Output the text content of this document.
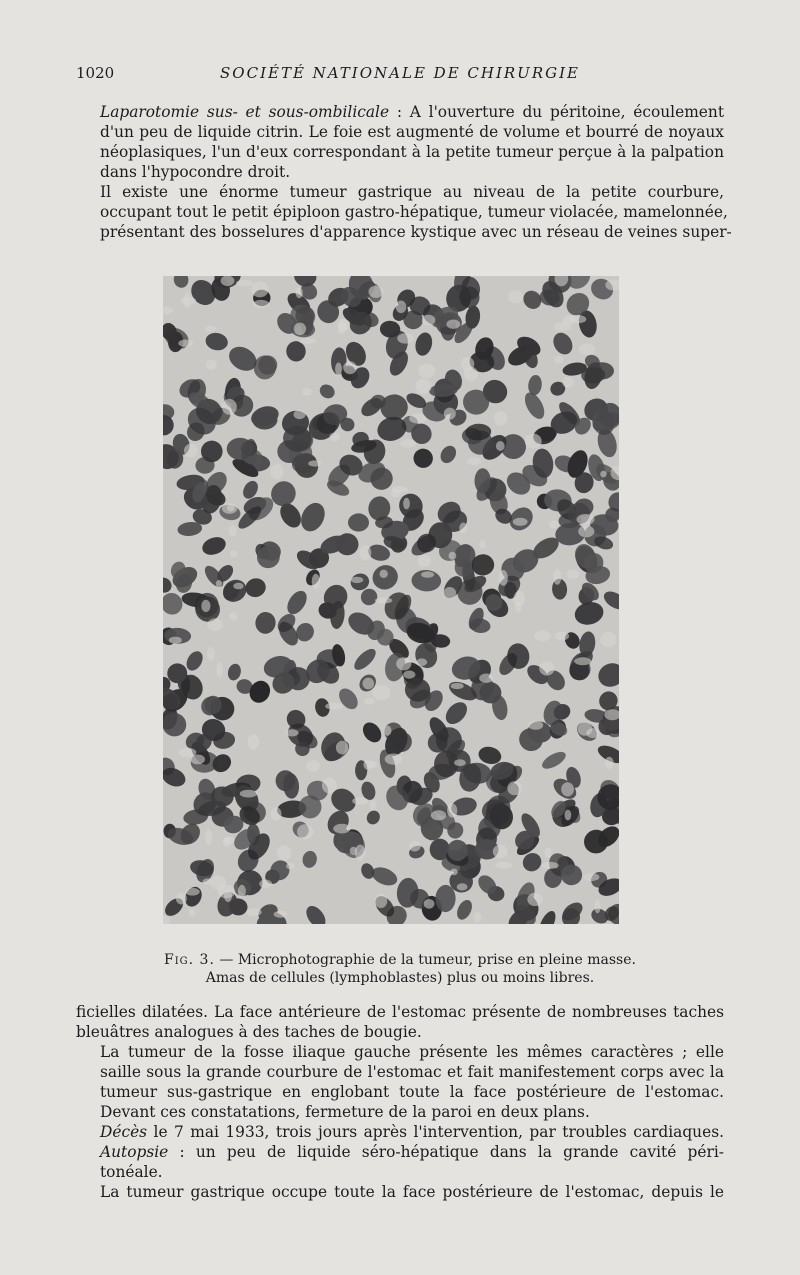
1020	SOCIÉTÉ NATIONALE DE CHIRURGIE

Laparotomie sus- et sous-ombilicale : A l'ouverture du péritoine, écoulement
d'un peu de liquide citrin. Le foie est augmenté de volume et bourré de noyaux
néoplasiques, l'un d'eux correspondant à la petite tumeur perçue à la palpation
dans l'hypocondre droit.

Il existe une énorme tumeur gastrique au niveau de la petite courbure,
occupant tout le petit épiploon gastro-hépatique, tumeur violacée, mamelonnée,
présentant des bosselures d'apparence kystique avec un réseau de veines super-

Fig. 3. — Microphotographie de la tumeur, prise en pleine masse.
Amas de cellules (lymphoblastes) plus ou moins libres.

ficielles dilatées. La face antérieure de l'estomac présente de nombreuses taches
bleuâtres analogues à des taches de bougie.

La tumeur de la fosse iliaque gauche présente les mêmes caractères ; elle
saille sous la grande courbure de l'estomac et fait manifestement corps avec la
tumeur sus-gastrique en englobant toute la face postérieure de l'estomac.
Devant ces constatations, fermeture de la paroi en deux plans.

Décès le 7 mai 1933, trois jours après l'intervention, par troubles cardiaques.

Autopsie : un peu de liquide séro-hépatique dans la grande cavité péri-
tonéale.

La tumeur gastrique occupe toute la face postérieure de l'estomac, depuis le
